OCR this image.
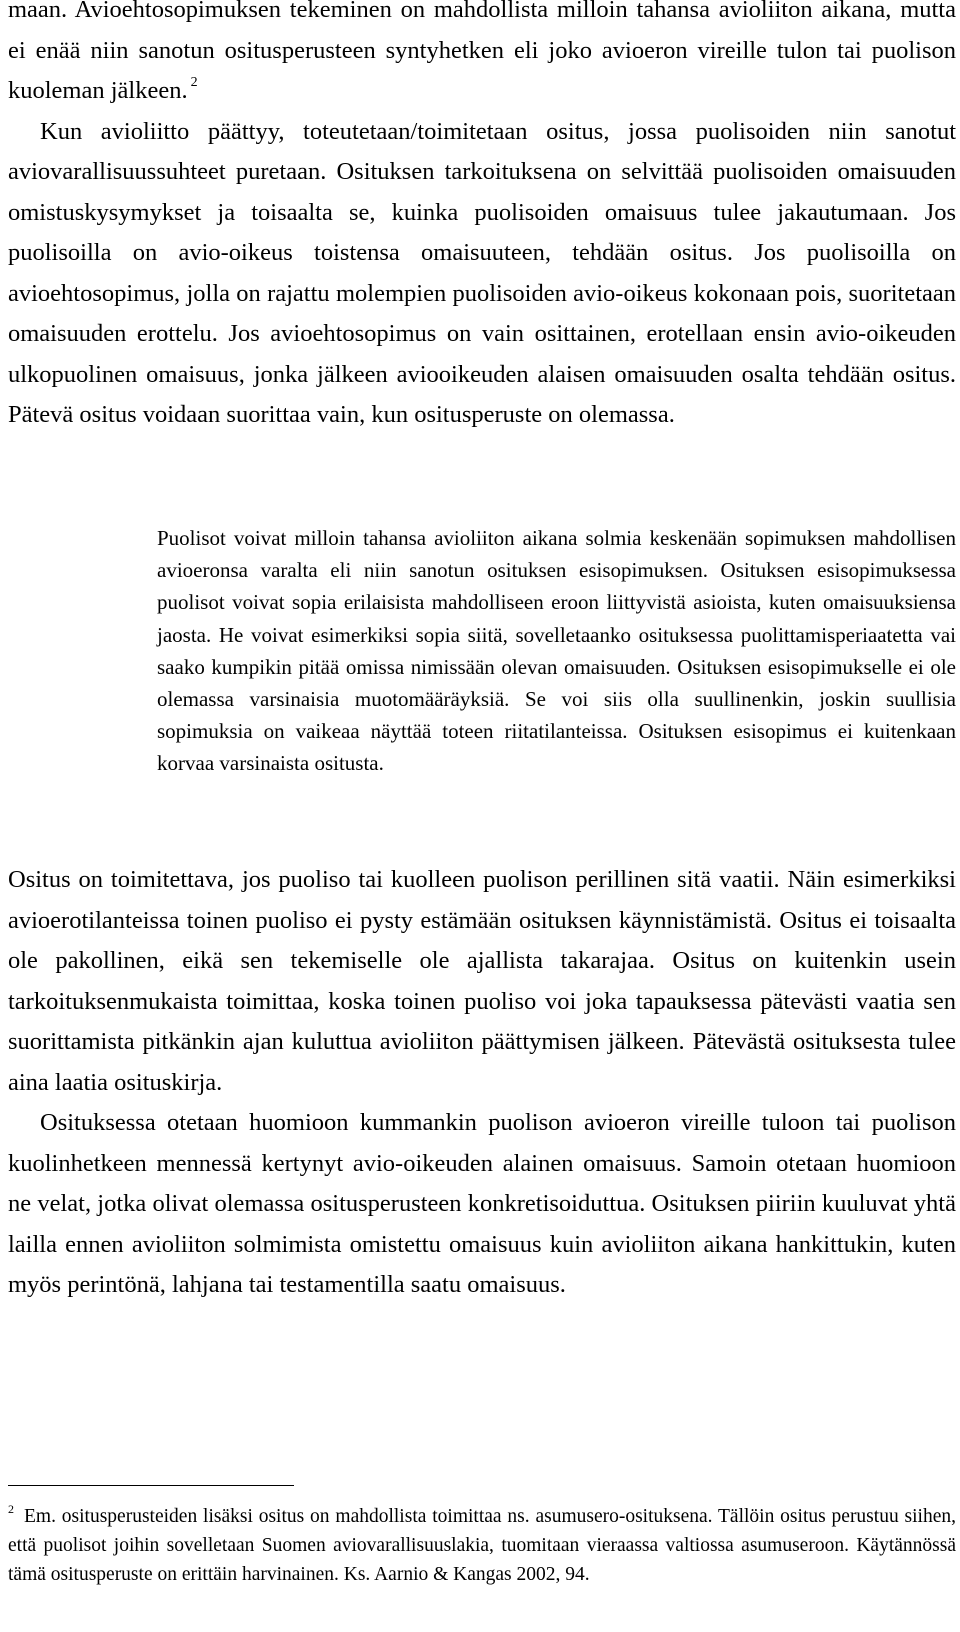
maan. Avioehtosopimuksen tekeminen on mahdollista milloin tahansa avioliiton aikana, mutta ei enää niin sanotun ositusperusteen syntyhetken eli joko avioeron vireille tulon tai puolison kuoleman jälkeen. $^2$

Kun avioliitto päättyy, toteutetaan/toimitetaan ositus, jossa puolisoiden niin sanotut aviovarallisuussuhteet puretaan. Osituksen tarkoituksena on selvittää puolisoiden omaisuuden omistuskysymykset ja toisaalta se, kuinka puolisoiden omaisuus tulee jakautumaan. Jos puolisoilla on avio-oikeus toistensa omaisuuteen, tehdään ositus. Jos puolisoilla on avioehtosopimus, jolla on rajattu molempien puolisoiden avio-oikeus kokonaan pois, suoritetaan omaisuuden erottelu. Jos avioehtosopimus on vain osittainen, erotellaan ensin avio-oikeuden ulkopuolinen omaisuus, jonka jälkeen aviooikeuden alaisen omaisuuden osalta tehdään ositus. Pätevä ositus voidaan suorittaa vain, kun ositusperuste on olemassa.

Puolisot voivat milloin tahansa avioliiton aikana solmia keskenään sopimuksen mahdollisen avioeronsa varalta eli niin sanotun osituksen esisopimuksen. Osituksen esisopimuksessa puolisot voivat sopia erilaisista mahdolliseen eroon liittyvistä asioista, kuten omaisuuksiensa jaosta. He voivat esimerkiksi sopia siitä, sovelletaanko osituksessa puolittamisperiaatetta vai saako kumpikin pitää omissa nimissään olevan omaisuuden. Osituksen esisopimukselle ei ole olemassa varsinaisia muotomääräyksiä. Se voi siis olla suullinenkin, joskin suullisia sopimuksia on vaikeaa näyttää toteen riitatilanteissa. Osituksen esisopimus ei kuitenkaan korvaa varsinaista ositusta.

Ositus on toimitettava, jos puoliso tai kuolleen puolison perillinen sitä vaatii. Näin esimerkiksi avioerotilanteissa toinen puoliso ei pysty estämään osituksen käynnistämistä. Ositus ei toisaalta ole pakollinen, eikä sen tekemiselle ole ajallista takarajaa. Ositus on kuitenkin usein tarkoituksenmukaista toimittaa, koska toinen puoliso voi joka tapauksessa pätevästi vaatia sen suorittamista pitkänkin ajan kuluttua avioliiton päättymisen jälkeen. Pätevästä osituksesta tulee aina laatia osituskirja.

Osituksessa otetaan huomioon kummankin puolison avioeron vireille tuloon tai puolison kuolinhetkeen mennessä kertynyt avio-oikeuden alainen omaisuus. Samoin otetaan huomioon ne velat, jotka olivat olemassa ositusperusteen konkretisoiduttua. Osituksen piiriin kuuluvat yhtä lailla ennen avioliiton solmimista omistettu omaisuus kuin avioliiton aikana hankittukin, kuten myös perintönä, lahjana tai testamentilla saatu omaisuus.

$^2$ Em. ositusperusteiden lisäksi ositus on mahdollista toimittaa ns. asumusero-osituksena. Tällöin ositus perustuu siihen, että puolisot joihin sovelletaan Suomen aviovarallisuuslakia, tuomitaan vieraassa valtiossa asumuseroon. Käytännössä tämä ositusperuste on erittäin harvinainen. Ks. Aarnio & Kangas 2002, 94.
